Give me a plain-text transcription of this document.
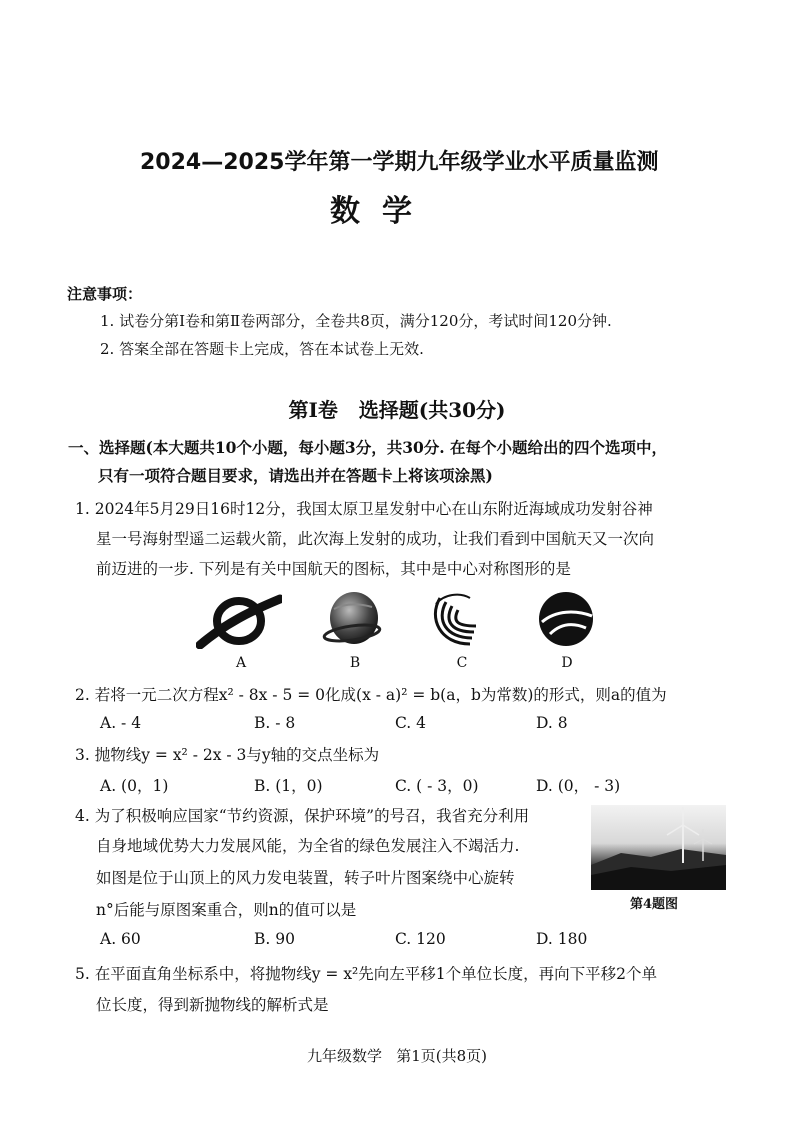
2024—2025学年第一学期九年级学业水平质量监测
数学
注意事项：
1. 试卷分第Ⅰ卷和第Ⅱ卷两部分，全卷共8页，满分120分，考试时间120分钟.
2. 答案全部在答题卡上完成，答在本试卷上无效.
第Ⅰ卷   选择题(共30分)
一、选择题(本大题共10个小题，每小题3分，共30分. 在每个小题给出的四个选项中，
只有一项符合题目要求，请选出并在答题卡上将该项涂黑)
1. 2024年5月29日16时12分，我国太原卫星发射中心在山东附近海域成功发射谷神
星一号海射型遥二运载火箭，此次海上发射的成功，让我们看到中国航天又一次向
前迈进的一步. 下列是有关中国航天的图标，其中是中心对称图形的是
A	B	C	D
2. 若将一元二次方程x² - 8x - 5 = 0化成(x - a)² = b(a，b为常数)的形式，则a的值为
A. - 4	B. - 8	C. 4	D. 8
3. 抛物线y = x² - 2x - 3与y轴的交点坐标为
A. (0，1)	B. (1，0)	C. ( - 3，0)	D. (0， - 3)
4. 为了积极响应国家“节约资源，保护环境”的号召，我省充分利用
自身地域优势大力发展风能，为全省的绿色发展注入不竭活力.
如图是位于山顶上的风力发电装置，转子叶片图案绕中心旋转
n°后能与原图案重合，则n的值可以是	第4题图
A. 60	B. 90	C. 120	D. 180
5. 在平面直角坐标系中，将抛物线y = x²先向左平移1个单位长度，再向下平移2个单
位长度，得到新抛物线的解析式是
九年级数学   第1页(共8页)
